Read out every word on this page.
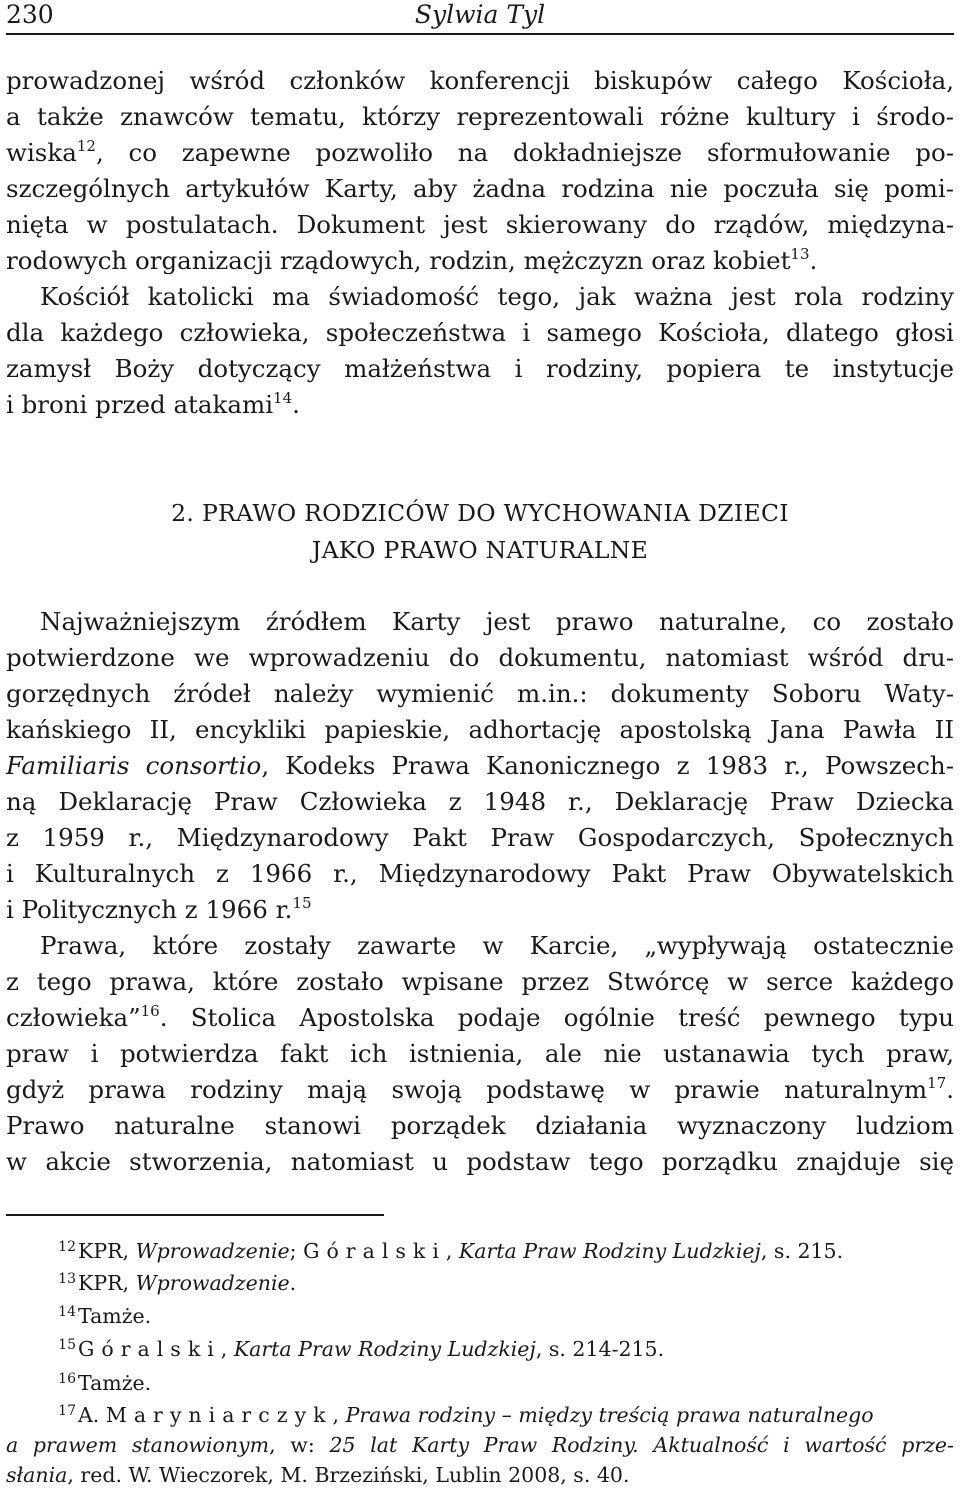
230	Sylwia Tyl
prowadzonej wśród członków konferencji biskupów całego Kościoła,
a także znawców tematu, którzy reprezentowali różne kultury i środo-
wiska$^{12}$, co zapewne pozwoliło na dokładniejsze sformułowanie po-
szczególnych artykułów Karty, aby żadna rodzina nie poczuła się pomi-
nięta w postulatach. Dokument jest skierowany do rządów, międzyna-
rodowych organizacji rządowych, rodzin, mężczyzn oraz kobiet$^{13}$.
Kościół katolicki ma świadomość tego, jak ważna jest rola rodziny
dla każdego człowieka, społeczeństwa i samego Kościoła, dlatego głosi
zamysł Boży dotyczący małżeństwa i rodziny, popiera te instytucje
i broni przed atakami$^{14}$.
2. PRAWO RODZICÓW DO WYCHOWANIA DZIECI
JAKO PRAWO NATURALNE
Najważniejszym źródłem Karty jest prawo naturalne, co zostało
potwierdzone we wprowadzeniu do dokumentu, natomiast wśród dru-
gorzędnych źródeł należy wymienić m.in.: dokumenty Soboru Waty-
kańskiego II, encykliki papieskie, adhortację apostolską Jana Pawła II
Familiaris consortio, Kodeks Prawa Kanonicznego z 1983 r., Powszech-
ną Deklarację Praw Człowieka z 1948 r., Deklarację Praw Dziecka
z 1959 r., Międzynarodowy Pakt Praw Gospodarczych, Społecznych
i Kulturalnych z 1966 r., Międzynarodowy Pakt Praw Obywatelskich
i Politycznych z 1966 r.$^{15}$
Prawa, które zostały zawarte w Karcie, „wypływają ostatecznie
z tego prawa, które zostało wpisane przez Stwórcę w serce każdego
człowieka”$^{16}$. Stolica Apostolska podaje ogólnie treść pewnego typu
praw i potwierdza fakt ich istnienia, ale nie ustanawia tych praw,
gdyż prawa rodziny mają swoją podstawę w prawie naturalnym$^{17}$.
Prawo naturalne stanowi porządek działania wyznaczony ludziom
w akcie stworzenia, natomiast u podstaw tego porządku znajduje się
$^{12}$KPR, Wprowadzenie; Góralski, Karta Praw Rodziny Ludzkiej, s. 215.
$^{13}$KPR, Wprowadzenie.
$^{14}$Tamże.
$^{15}$Góralski, Karta Praw Rodziny Ludzkiej, s. 214-215.
$^{16}$Tamże.
$^{17}$A. Maryniarczyk, Prawa rodziny – między treścią prawa naturalnego
a prawem stanowionym, w: 25 lat Karty Praw Rodziny. Aktualność i wartość prze-
słania, red. W. Wieczorek, M. Brzeziński, Lublin 2008, s. 40.
